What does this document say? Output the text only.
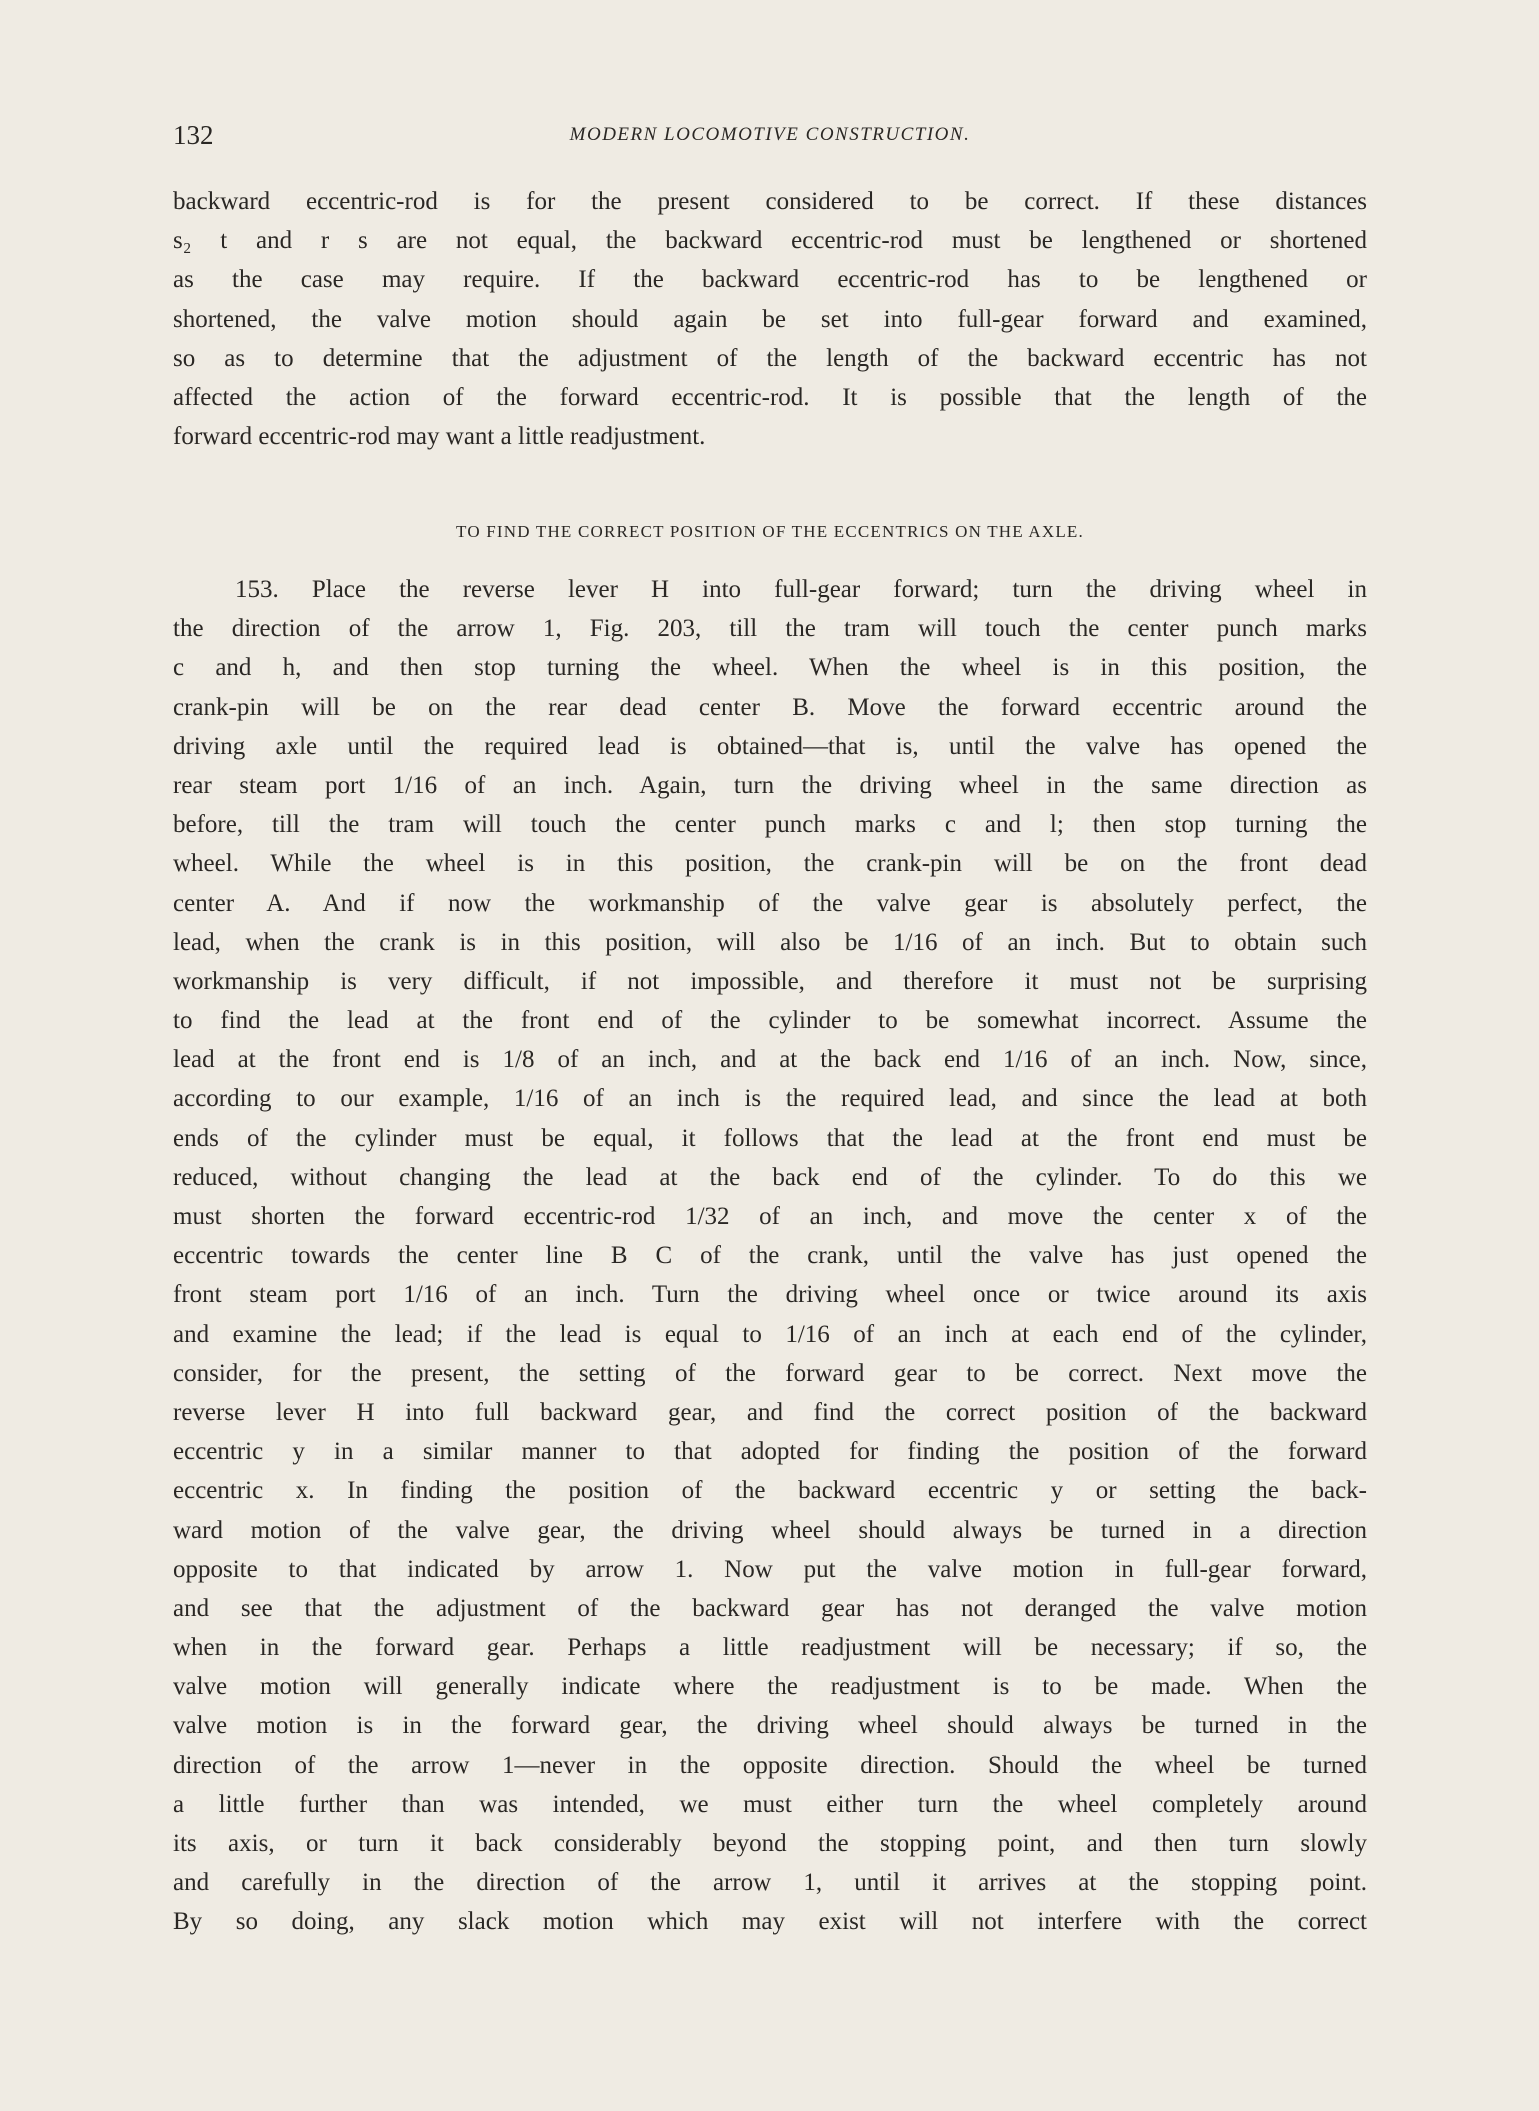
132	MODERN LOCOMOTIVE CONSTRUCTION.
backward eccentric-rod is for the present considered to be correct. If these distances
s₂ t and r s are not equal, the backward eccentric-rod must be lengthened or shortened
as the case may require. If the backward eccentric-rod has to be lengthened or
shortened, the valve motion should again be set into full-gear forward and examined,
so as to determine that the adjustment of the length of the backward eccentric has not
affected the action of the forward eccentric-rod. It is possible that the length of the
forward eccentric-rod may want a little readjustment.
TO FIND THE CORRECT POSITION OF THE ECCENTRICS ON THE AXLE.
153. Place the reverse lever H into full-gear forward; turn the driving wheel in
the direction of the arrow 1, Fig. 203, till the tram will touch the center punch marks
c and h, and then stop turning the wheel. When the wheel is in this position, the
crank-pin will be on the rear dead center B. Move the forward eccentric around the
driving axle until the required lead is obtained—that is, until the valve has opened the
rear steam port 1/16 of an inch. Again, turn the driving wheel in the same direction as
before, till the tram will touch the center punch marks c and l; then stop turning the
wheel. While the wheel is in this position, the crank-pin will be on the front dead
center A. And if now the workmanship of the valve gear is absolutely perfect, the
lead, when the crank is in this position, will also be 1/16 of an inch. But to obtain such
workmanship is very difficult, if not impossible, and therefore it must not be surprising
to find the lead at the front end of the cylinder to be somewhat incorrect. Assume the
lead at the front end is 1/8 of an inch, and at the back end 1/16 of an inch. Now, since,
according to our example, 1/16 of an inch is the required lead, and since the lead at both
ends of the cylinder must be equal, it follows that the lead at the front end must be
reduced, without changing the lead at the back end of the cylinder. To do this we
must shorten the forward eccentric-rod 1/32 of an inch, and move the center x of the
eccentric towards the center line B C of the crank, until the valve has just opened the
front steam port 1/16 of an inch. Turn the driving wheel once or twice around its axis
and examine the lead; if the lead is equal to 1/16 of an inch at each end of the cylinder,
consider, for the present, the setting of the forward gear to be correct. Next move the
reverse lever H into full backward gear, and find the correct position of the backward
eccentric y in a similar manner to that adopted for finding the position of the forward
eccentric x. In finding the position of the backward eccentric y or setting the back-
ward motion of the valve gear, the driving wheel should always be turned in a direction
opposite to that indicated by arrow 1. Now put the valve motion in full-gear forward,
and see that the adjustment of the backward gear has not deranged the valve motion
when in the forward gear. Perhaps a little readjustment will be necessary; if so, the
valve motion will generally indicate where the readjustment is to be made. When the
valve motion is in the forward gear, the driving wheel should always be turned in the
direction of the arrow 1—never in the opposite direction. Should the wheel be turned
a little further than was intended, we must either turn the wheel completely around
its axis, or turn it back considerably beyond the stopping point, and then turn slowly
and carefully in the direction of the arrow 1, until it arrives at the stopping point.
By so doing, any slack motion which may exist will not interfere with the correct
